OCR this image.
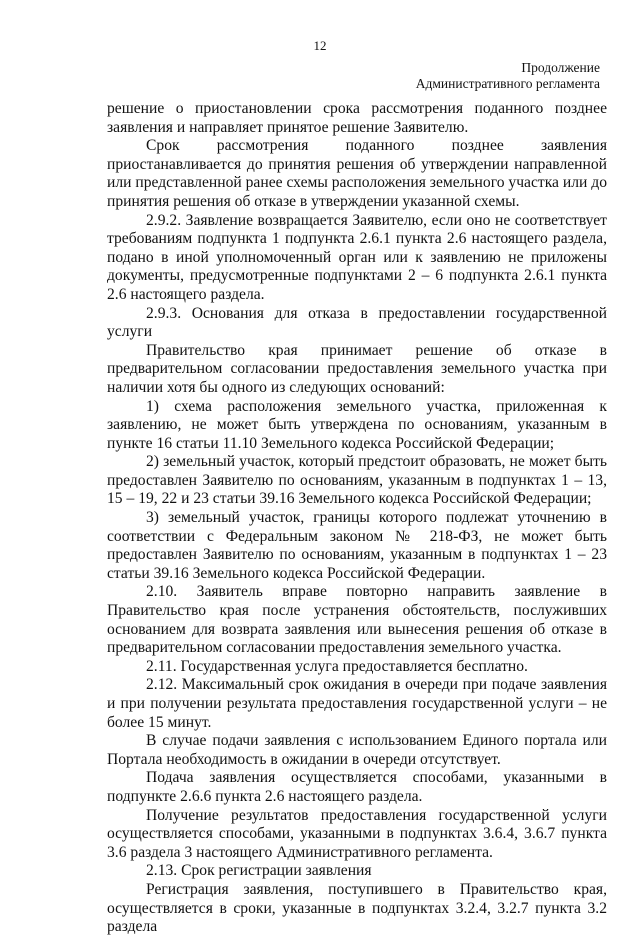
12
Продолжение
Административного регламента

решение о приостановлении срока рассмотрения поданного позднее заявления и направляет принятое решение Заявителю.

Срок рассмотрения поданного позднее заявления приостанавливается до принятия решения об утверждении направленной или представленной ранее схемы расположения земельного участка или до принятия решения об отказе в утверждении указанной схемы.

2.9.2. Заявление возвращается Заявителю, если оно не соответствует требованиям подпункта 1 подпункта 2.6.1 пункта 2.6 настоящего раздела, подано в иной уполномоченный орган или к заявлению не приложены документы, предусмотренные подпунктами 2 – 6 подпункта 2.6.1 пункта 2.6 настоящего раздела.

2.9.3. Основания для отказа в предоставлении государственной услуги

Правительство края принимает решение об отказе в предварительном согласовании предоставления земельного участка при наличии хотя бы одного из следующих оснований:

1) схема расположения земельного участка, приложенная к заявлению, не может быть утверждена по основаниям, указанным в пункте 16 статьи 11.10 Земельного кодекса Российской Федерации;

2) земельный участок, который предстоит образовать, не может быть предоставлен Заявителю по основаниям, указанным в подпунктах 1 – 13, 15 – 19, 22 и 23 статьи 39.16 Земельного кодекса Российской Федерации;

3) земельный участок, границы которого подлежат уточнению в соответствии с Федеральным законом № 218-ФЗ, не может быть предоставлен Заявителю по основаниям, указанным в подпунктах 1 – 23 статьи 39.16 Земельного кодекса Российской Федерации.

2.10. Заявитель вправе повторно направить заявление в Правительство края после устранения обстоятельств, послуживших основанием для возврата заявления или вынесения решения об отказе в предварительном согласовании предоставления земельного участка.

2.11. Государственная услуга предоставляется бесплатно.

2.12. Максимальный срок ожидания в очереди при подаче заявления и при получении результата предоставления государственной услуги – не более 15 минут.

В случае подачи заявления с использованием Единого портала или Портала необходимость в ожидании в очереди отсутствует.

Подача заявления осуществляется способами, указанными в подпункте 2.6.6 пункта 2.6 настоящего раздела.

Получение результатов предоставления государственной услуги осуществляется способами, указанными в подпунктах 3.6.4, 3.6.7 пункта 3.6 раздела 3 настоящего Административного регламента.

2.13. Срок регистрации заявления

Регистрация заявления, поступившего в Правительство края, осуществляется в сроки, указанные в подпунктах 3.2.4, 3.2.7 пункта 3.2 раздела
